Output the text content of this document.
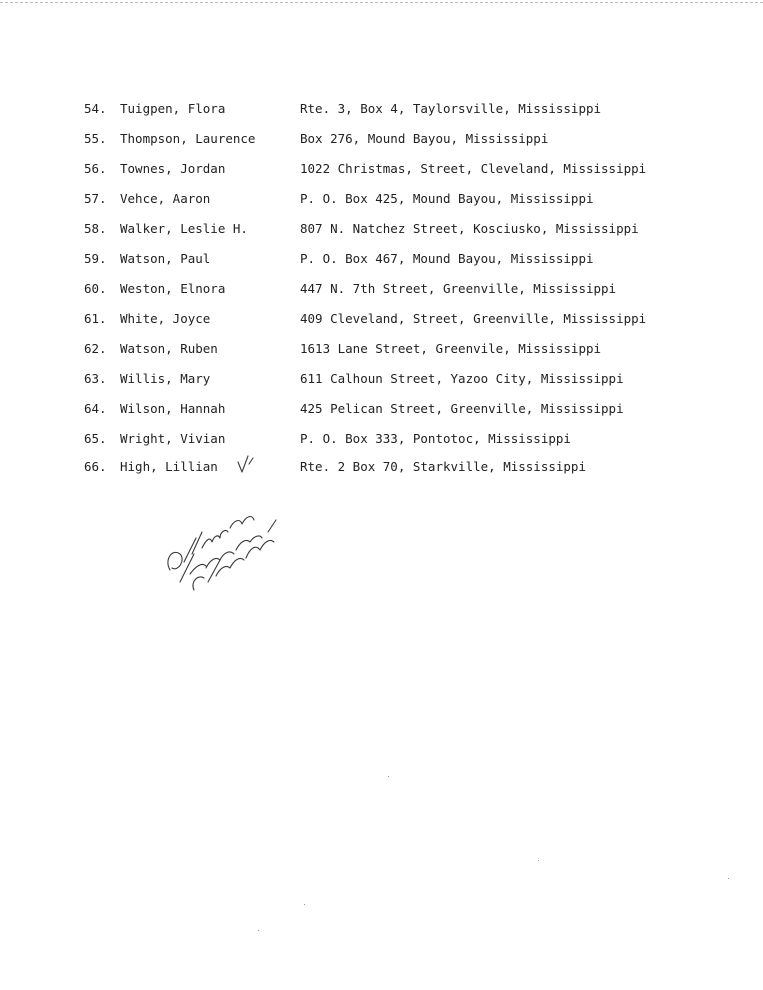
54. Tuigpen, Flora	Rte. 3, Box 4, Taylorsville, Mississippi
55. Thompson, Laurence	Box 276, Mound Bayou, Mississippi
56. Townes, Jordan	1022 Christmas, Street, Cleveland, Mississippi
57. Vehce, Aaron	P. O. Box 425, Mound Bayou, Mississippi
58. Walker, Leslie H.	807 N. Natchez Street, Kosciusko, Mississippi
59. Watson, Paul	P. O. Box 467, Mound Bayou, Mississippi
60. Weston, Elnora	447 N. 7th Street, Greenville, Mississippi
61. White, Joyce	409 Cleveland, Street, Greenville, Mississippi
62. Watson, Ruben	1613 Lane Street, Greenvile, Mississippi
63. Willis, Mary	611 Calhoun Street, Yazoo City, Mississippi
64. Wilson, Hannah	425 Pelican Street, Greenville, Mississippi
65. Wright, Vivian	P. O. Box 333, Pontotoc, Mississippi
66. High, Lillian	Rte. 2 Box 70, Starkville, Mississippi
